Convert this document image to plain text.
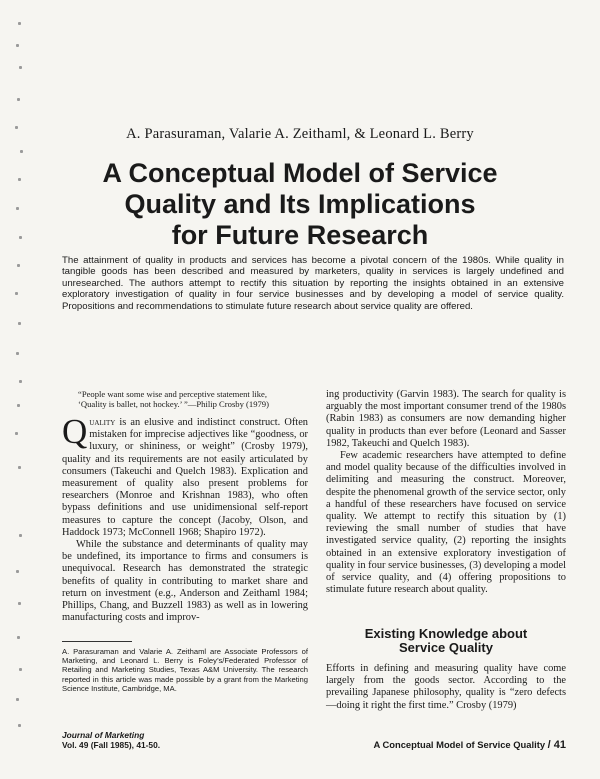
A. Parasuraman, Valarie A. Zeithaml, & Leonard L. Berry
A Conceptual Model of Service
Quality and Its Implications
for Future Research
The attainment of quality in products and services has become a pivotal concern of the 1980s. While quality in tangible goods has been described and measured by marketers, quality in services is largely undefined and unresearched. The authors attempt to rectify this situation by reporting the insights obtained in an extensive exploratory investigation of quality in four service businesses and by developing a model of service quality. Propositions and recommendations to stimulate future research about service quality are offered.

“People want some wise and perceptive statement like,
‘Quality is ballet, not hockey.’ ”—Philip Crosby (1979)

Quality is an elusive and indistinct construct. Often mistaken for imprecise adjectives like “goodness, or luxury, or shininess, or weight” (Crosby 1979), quality and its requirements are not easily articulated by consumers (Takeuchi and Quelch 1983). Explication and measurement of quality also present problems for researchers (Monroe and Krishnan 1983), who often bypass definitions and use unidimensional self-report measures to capture the concept (Jacoby, Olson, and Haddock 1973; McConnell 1968; Shapiro 1972).

While the substance and determinants of quality may be undefined, its importance to firms and consumers is unequivocal. Research has demonstrated the strategic benefits of quality in contributing to market share and return on investment (e.g., Anderson and Zeithaml 1984; Phillips, Chang, and Buzzell 1983) as well as in lowering manufacturing costs and improv-

ing productivity (Garvin 1983). The search for quality is arguably the most important consumer trend of the 1980s (Rabin 1983) as consumers are now demanding higher quality in products than ever before (Leonard and Sasser 1982, Takeuchi and Quelch 1983).

Few academic researchers have attempted to define and model quality because of the difficulties involved in delimiting and measuring the construct. Moreover, despite the phenomenal growth of the service sector, only a handful of these researchers have focused on service quality. We attempt to rectify this situation by (1) reviewing the small number of studies that have investigated service quality, (2) reporting the insights obtained in an extensive exploratory investigation of quality in four service businesses, (3) developing a model of service quality, and (4) offering propositions to stimulate future research about quality.

Existing Knowledge about
Service Quality

Efforts in defining and measuring quality have come largely from the goods sector. According to the prevailing Japanese philosophy, quality is “zero defects—doing it right the first time.” Crosby (1979)

A. Parasuraman and Valarie A. Zeithaml are Associate Professors of Marketing, and Leonard L. Berry is Foley’s/Federated Professor of Retailing and Marketing Studies, Texas A&M University. The research reported in this article was made possible by a grant from the Marketing Science Institute, Cambridge, MA.
Journal of Marketing
Vol. 49 (Fall 1985), 41-50.	A Conceptual Model of Service Quality / 41
